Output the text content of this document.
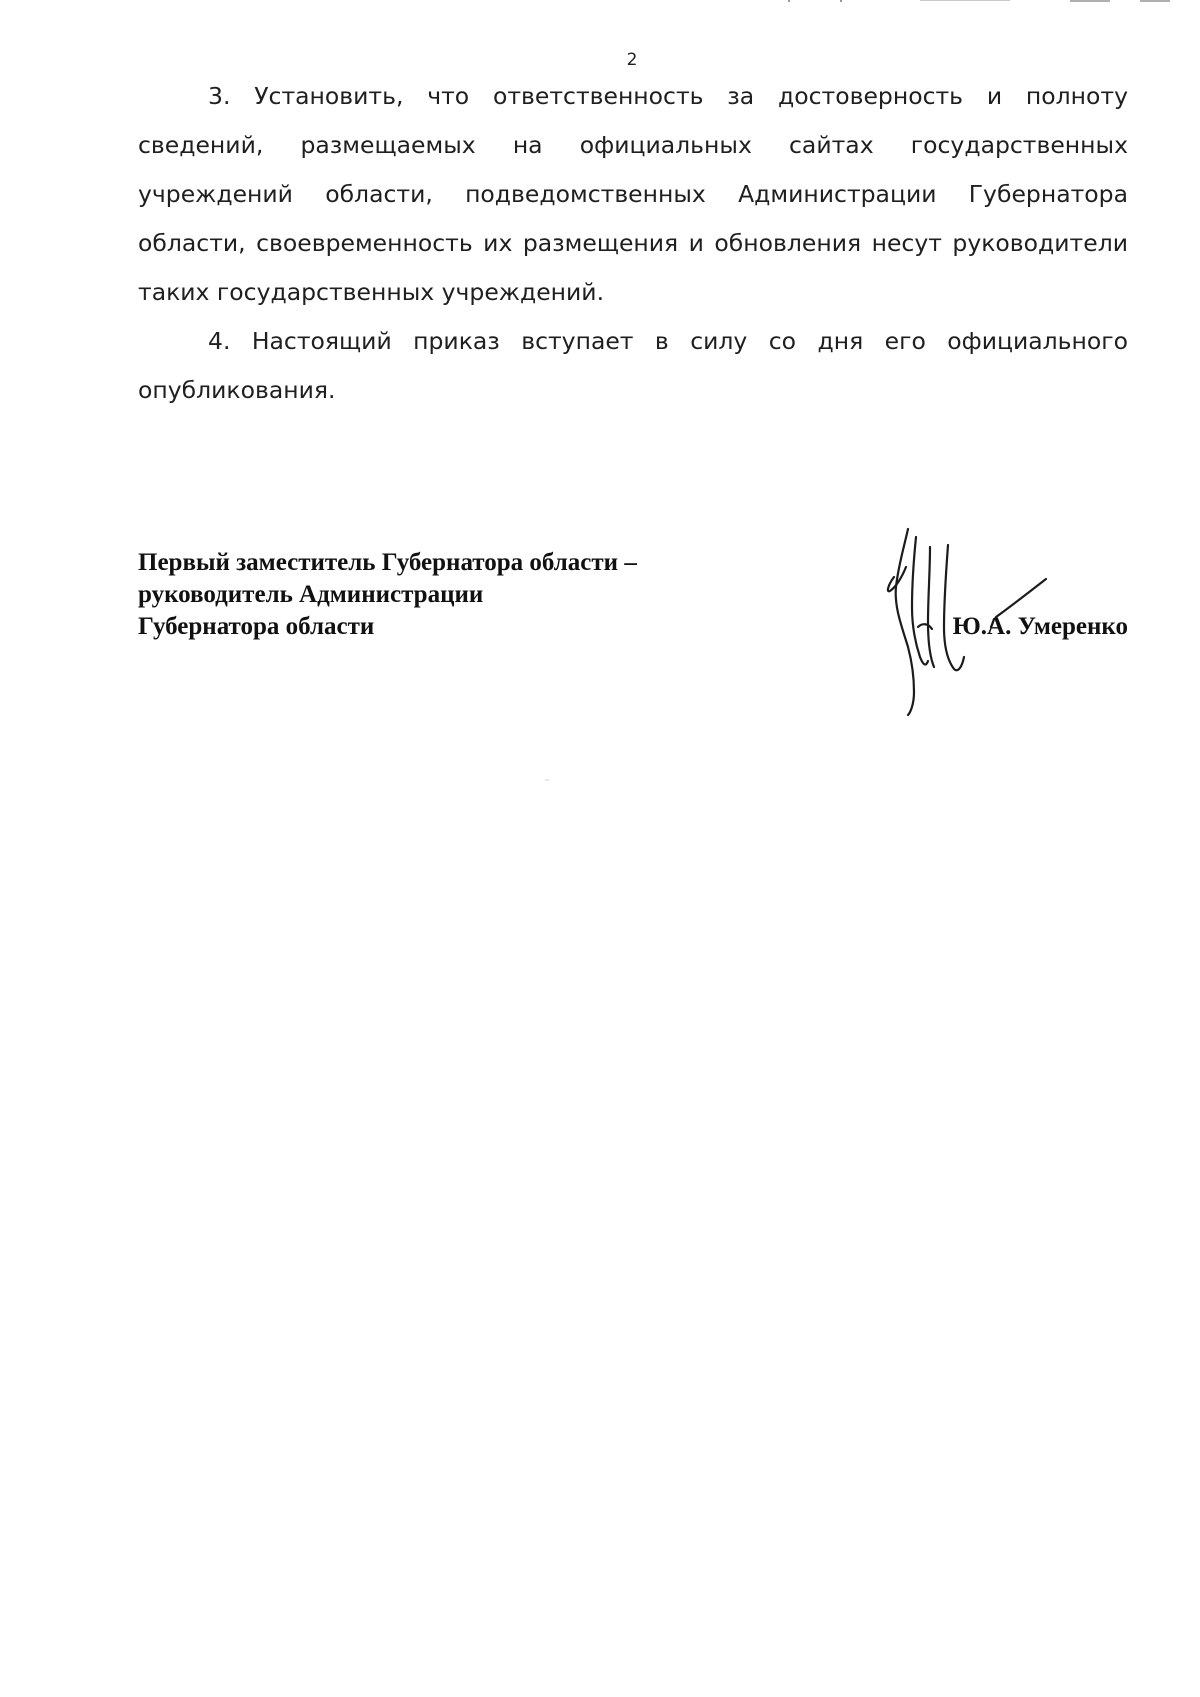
2

3. Установить, что ответственность за достоверность и полноту сведений, размещаемых на официальных сайтах государственных учреждений области, подведомственных Администрации Губернатора области, своевременность их размещения и обновления несут руководители таких государственных учреждений.

4. Настоящий приказ вступает в силу со дня его официального опубликования.

Первый заместитель Губернатора области –
руководитель Администрации
Губернатора области	Ю.А. Умеренко
